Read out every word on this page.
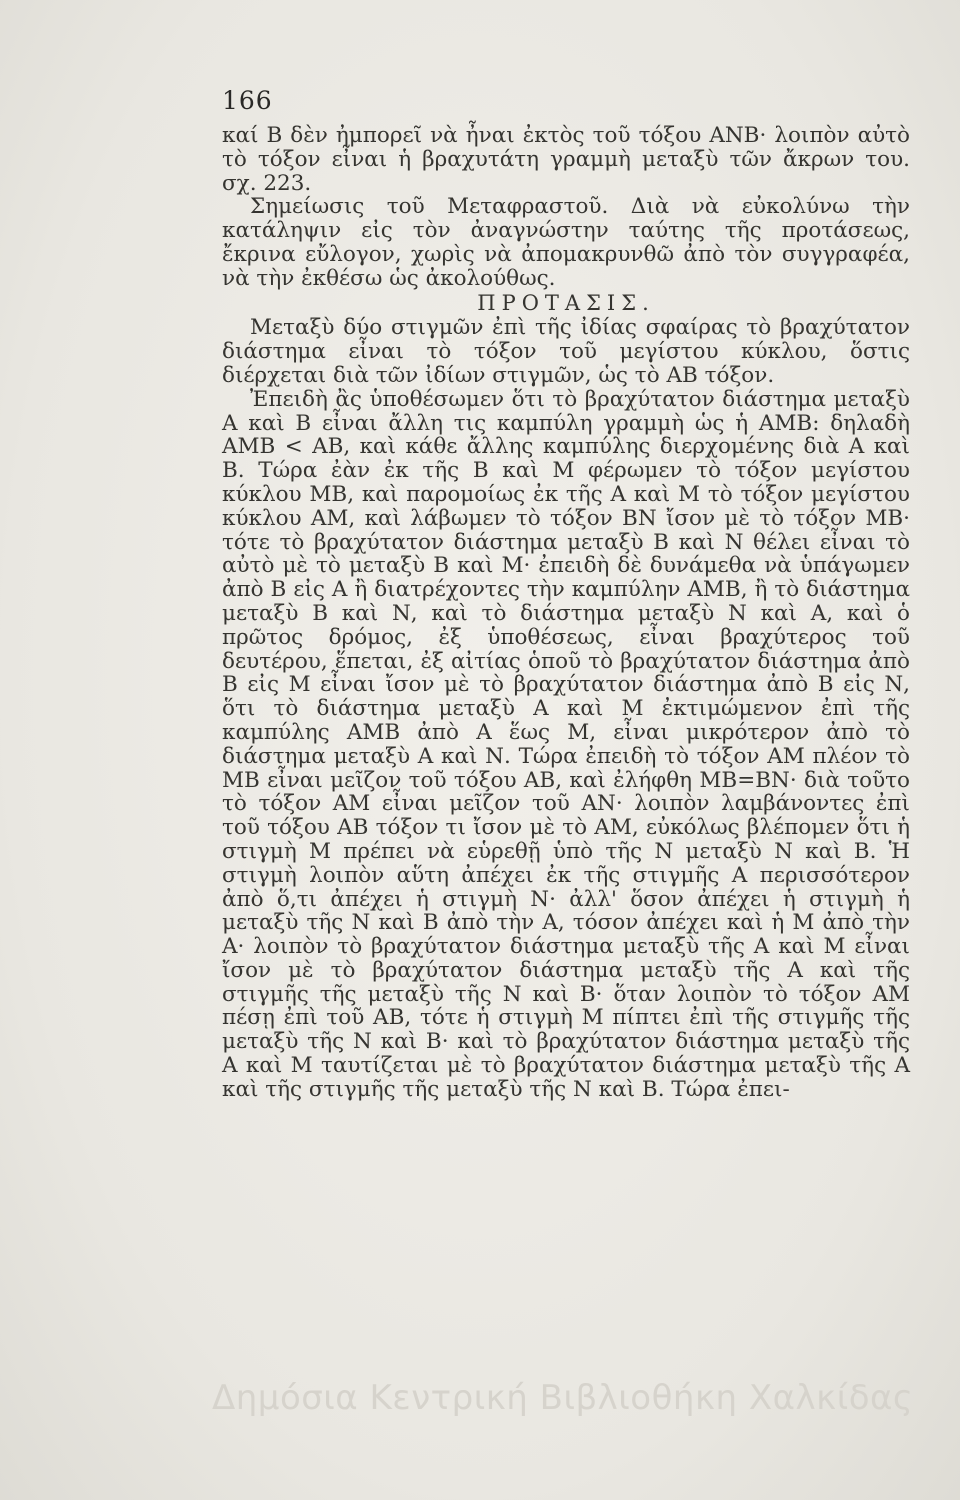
166

καί Β δὲν ἠμπορεῖ νὰ ἦναι ἐκτὸς τοῦ τόξου ΑΝΒ· λοιπὸν αὐτὸ τὸ τόξον εἶναι ἡ βραχυτάτη γραμμὴ μεταξὺ τῶν ἄκρων του. σχ. 223.

Σημείωσις τοῦ Μεταφραστοῦ. Διὰ νὰ εὐκολύνω τὴν κατάληψιν εἰς τὸν ἀναγνώστην ταύτης τῆς προτάσεως, ἔκρινα εὔλογον, χωρὶς νὰ ἀπομακρυνθῶ ἀπὸ τὸν συγγραφέα, νὰ τὴν ἐκθέσω ὡς ἀκολούθως.

ΠΡΟΤΑΣΙΣ.

Μεταξὺ δύο στιγμῶν ἐπὶ τῆς ἰδίας σφαίρας τὸ βραχύτατον διάστημα εἶναι τὸ τόξον τοῦ μεγίστου κύκλου, ὅστις διέρχεται διὰ τῶν ἰδίων στιγμῶν, ὡς τὸ ΑΒ τόξον.

Ἐπειδὴ ἂς ὑποθέσωμεν ὅτι τὸ βραχύτατον διάστημα μεταξὺ Α καὶ Β εἶναι ἄλλη τις καμπύλη γραμμὴ ὡς ἡ ΑΜΒ: δηλαδὴ ΑΜΒ < ΑΒ, καὶ κάθε ἄλλης καμπύλης διερχομένης διὰ Α καὶ Β. Τώρα ἐὰν ἐκ τῆς Β καὶ Μ φέρωμεν τὸ τόξον μεγίστου κύκλου ΜΒ, καὶ παρομοίως ἐκ τῆς Α καὶ Μ τὸ τόξον μεγίστου κύκλου ΑΜ, καὶ λάβωμεν τὸ τόξον ΒΝ ἴσον μὲ τὸ τόξον ΜΒ· τότε τὸ βραχύτατον διάστημα μεταξὺ Β καὶ Ν θέλει εἶναι τὸ αὐτὸ μὲ τὸ μεταξὺ Β καὶ Μ· ἐπειδὴ δὲ δυνάμεθα νὰ ὑπάγωμεν ἀπὸ Β εἰς Α ἢ διατρέχοντες τὴν καμπύλην ΑΜΒ, ἢ τὸ διάστημα μεταξὺ Β καὶ Ν, καὶ τὸ διάστημα μεταξὺ Ν καὶ Α, καὶ ὁ πρῶτος δρόμος, ἐξ ὑποθέσεως, εἶναι βραχύτερος τοῦ δευτέρου, ἕπεται, ἐξ αἰτίας ὁποῦ τὸ βραχύτατον διάστημα ἀπὸ Β εἰς Μ εἶναι ἴσον μὲ τὸ βραχύτατον διάστημα ἀπὸ Β εἰς Ν, ὅτι τὸ διάστημα μεταξὺ Α καὶ Μ ἐκτιμώμενον ἐπὶ τῆς καμπύλης ΑΜΒ ἀπὸ Α ἕως Μ, εἶναι μικρότερον ἀπὸ τὸ διάστημα μεταξὺ Α καὶ Ν. Τώρα ἐπειδὴ τὸ τόξον ΑΜ πλέον τὸ ΜΒ εἶναι μεῖζον τοῦ τόξου ΑΒ, καὶ ἐλήφθη ΜΒ=ΒΝ· διὰ τοῦτο τὸ τόξον ΑΜ εἶναι μεῖζον τοῦ ΑΝ· λοιπὸν λαμβάνοντες ἐπὶ τοῦ τόξου ΑΒ τόξον τι ἴσον μὲ τὸ ΑΜ, εὐκόλως βλέπομεν ὅτι ἡ στιγμὴ Μ πρέπει νὰ εὑρεθῇ ὑπὸ τῆς Ν μεταξὺ Ν καὶ Β. Ἡ στιγμὴ λοιπὸν αὕτη ἀπέχει ἐκ τῆς στιγμῆς Α περισσότερον ἀπὸ ὅ,τι ἀπέχει ἡ στιγμὴ Ν· ἀλλ' ὅσον ἀπέχει ἡ στιγμὴ ἡ μεταξὺ τῆς Ν καὶ Β ἀπὸ τὴν Α, τόσον ἀπέχει καὶ ἡ Μ ἀπὸ τὴν Α· λοιπὸν τὸ βραχύτατον διάστημα μεταξὺ τῆς Α καὶ Μ εἶναι ἴσον μὲ τὸ βραχύτατον διάστημα μεταξὺ τῆς Α καὶ τῆς στιγμῆς τῆς μεταξὺ τῆς Ν καὶ Β· ὅταν λοιπὸν τὸ τόξον ΑΜ πέσῃ ἐπὶ τοῦ ΑΒ, τότε ἡ στιγμὴ Μ πίπτει ἐπὶ τῆς στιγμῆς τῆς μεταξὺ τῆς Ν καὶ Β· καὶ τὸ βραχύτατον διάστημα μεταξὺ τῆς Α καὶ Μ ταυτίζεται μὲ τὸ βραχύτατον διάστημα μεταξὺ τῆς Α καὶ τῆς στιγμῆς τῆς μεταξὺ τῆς Ν καὶ Β. Τώρα ἐπει-

Δημόσια Κεντρική Βιβλιοθήκη Χαλκίδας
